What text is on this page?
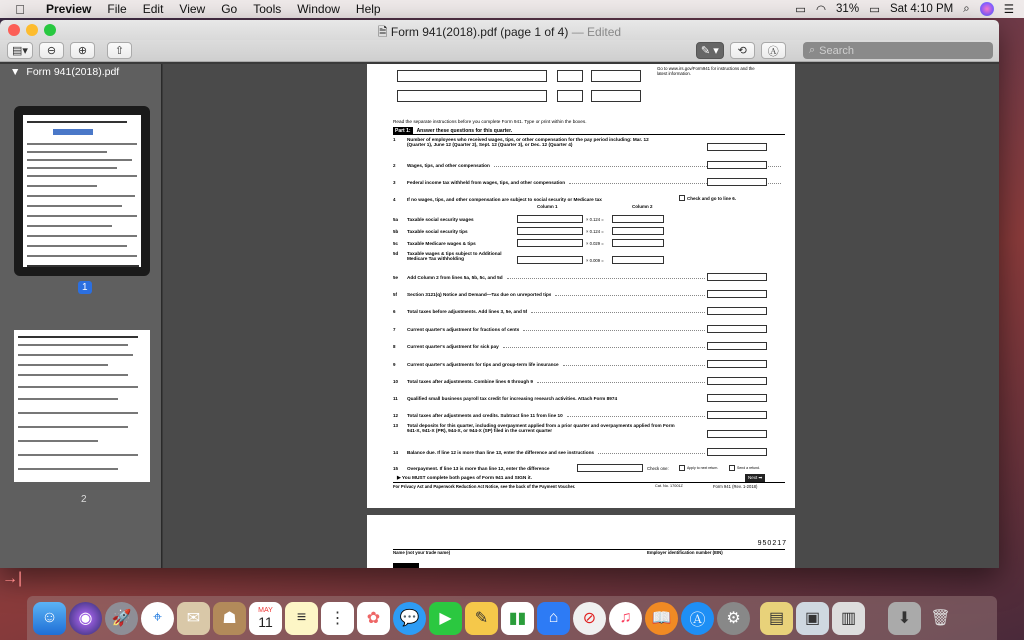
Preview	File	Edit	View	Go	Tools	Window	Help	▭ ◠ 31% ▭ Sat 4:10 PM ⌕	☰
🗎 Form 941(2018).pdf (page 1 of 4) — Edited
▤▾	⊖	⊕	⇧	✎ ▾	⟲	Ⓐ	⌕ Search
▼ Form 941(2018).pdf
1
2
Go to www.irs.gov/Form941 for instructions and the latest information.
Read the separate instructions before you complete Form 941. Type or print within the boxes.
Part 1:	Answer these questions for this quarter.
1	Number of employees who received wages, tips, or other compensation for the pay period including: Mar. 12 (Quarter 1), June 12 (Quarter 2), Sept. 12 (Quarter 3), or Dec. 12 (Quarter 4)
2	Wages, tips, and other compensation
3	Federal income tax withheld from wages, tips, and other compensation
4	If no wages, tips, and other compensation are subject to social security or Medicare tax	Check and go to line 6.
Column 1	Column 2
5a	Taxable social security wages	× 0.124 =
5b	Taxable social security tips	× 0.124 =
5c	Taxable Medicare wages & tips	× 0.029 =
5d	Taxable wages & tips subject to Additional Medicare Tax withholding	× 0.009 =
5e	Add Column 2 from lines 5a, 5b, 5c, and 5d
5f	Section 3121(q) Notice and Demand—Tax due on unreported tips
6	Total taxes before adjustments. Add lines 3, 5e, and 5f
7	Current quarter's adjustment for fractions of cents
8	Current quarter's adjustment for sick pay
9	Current quarter's adjustments for tips and group-term life insurance
10	Total taxes after adjustments. Combine lines 6 through 9
11	Qualified small business payroll tax credit for increasing research activities. Attach Form 8974
12	Total taxes after adjustments and credits. Subtract line 11 from line 10
13	Total deposits for this quarter, including overpayment applied from a prior quarter and overpayments applied from Form 941-X, 941-X (PR), 944-X, or 944-X (SP) filed in the current quarter
14	Balance due. If line 12 is more than line 13, enter the difference and see instructions
15	Overpayment. If line 13 is more than line 12, enter the difference	Check one:	Apply to next return.	Send a refund.
▶ You MUST complete both pages of Form 941 and SIGN it.	Next ➡
For Privacy Act and Paperwork Reduction Act Notice, see the back of the Payment Voucher.	Cat. No. 17001Z	Form 941 (Rev. 1-2018)
950217
Name (not your trade name)	Employer identification number (EIN)
→|
☺	◉	🚀	⌖	✉	☗	MAY
11	≡	⋮	✿	💬	▶	✎	▮▮	⌂	⊘	♫	📖	Ⓐ	⚙	▤	▣	▥	⬇	🗑
